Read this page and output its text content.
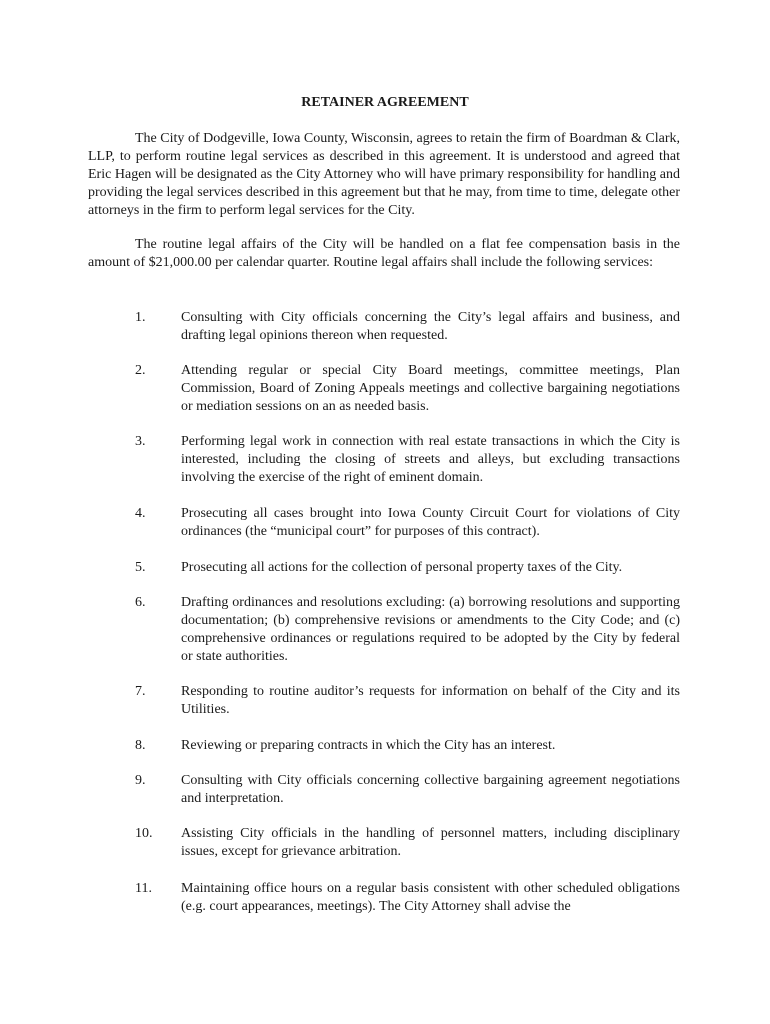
RETAINER AGREEMENT

The City of Dodgeville, Iowa County, Wisconsin, agrees to retain the firm of Boardman & Clark, LLP, to perform routine legal services as described in this agreement. It is understood and agreed that Eric Hagen will be designated as the City Attorney who will have primary responsibility for handling and providing the legal services described in this agreement but that he may, from time to time, delegate other attorneys in the firm to perform legal services for the City.

The routine legal affairs of the City will be handled on a flat fee compensation basis in the amount of $21,000.00 per calendar quarter. Routine legal affairs shall include the following services:

1.	Consulting with City officials concerning the City’s legal affairs and business, and drafting legal opinions thereon when requested.
2.	Attending regular or special City Board meetings, committee meetings, Plan Commission, Board of Zoning Appeals meetings and collective bargaining negotiations or mediation sessions on an as needed basis.
3.	Performing legal work in connection with real estate transactions in which the City is interested, including the closing of streets and alleys, but excluding transactions involving the exercise of the right of eminent domain.
4.	Prosecuting all cases brought into Iowa County Circuit Court for violations of City ordinances (the “municipal court” for purposes of this contract).
5.	Prosecuting all actions for the collection of personal property taxes of the City.
6.	Drafting ordinances and resolutions excluding: (a) borrowing resolutions and supporting documentation; (b) comprehensive revisions or amendments to the City Code; and (c) comprehensive ordinances or regulations required to be adopted by the City by federal or state authorities.
7.	Responding to routine auditor’s requests for information on behalf of the City and its Utilities.
8.	Reviewing or preparing contracts in which the City has an interest.
9.	Consulting with City officials concerning collective bargaining agreement negotiations and interpretation.
10.	Assisting City officials in the handling of personnel matters, including disciplinary issues, except for grievance arbitration.
11.	Maintaining office hours on a regular basis consistent with other scheduled obligations (e.g. court appearances, meetings). The City Attorney shall advise the
